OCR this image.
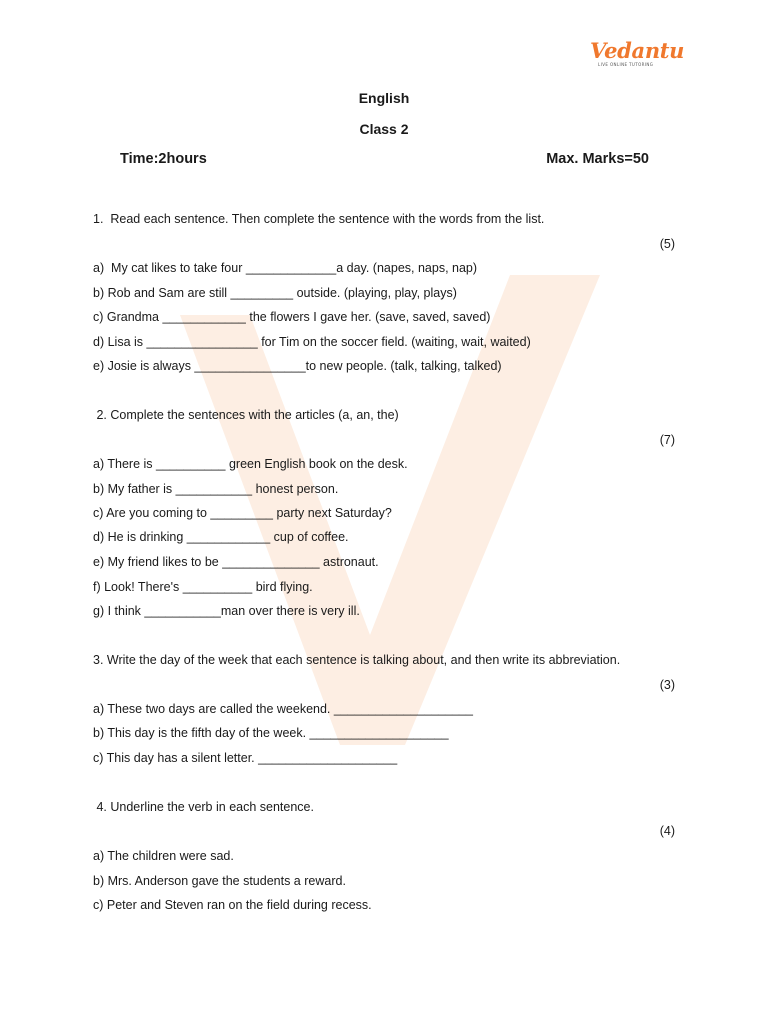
Vedantu
LIVE ONLINE TUTORING
English
Class 2
Time:2hours	Max. Marks=50
1.  Read each sentence. Then complete the sentence with the words from the list.
(5)
a)  My cat likes to take four _____________a day. (napes, naps, nap)
b) Rob and Sam are still _________ outside. (playing, play, plays)
c) Grandma ____________ the flowers I gave her. (save, saved, saved)
d) Lisa is ________________ for Tim on the soccer field. (waiting, wait, waited)
e) Josie is always ________________to new people. (talk, talking, talked)
2. Complete the sentences with the articles (a, an, the)
(7)
a) There is __________ green English book on the desk.
b) My father is ___________ honest person.
c) Are you coming to _________ party next Saturday?
d) He is drinking ____________ cup of coffee.
e) My friend likes to be ______________ astronaut.
f) Look! There's __________ bird flying.
g) I think ___________man over there is very ill.
3. Write the day of the week that each sentence is talking about, and then write its abbreviation.
(3)
a) These two days are called the weekend. ____________________
b) This day is the fifth day of the week. ____________________
c) This day has a silent letter. ____________________
4. Underline the verb in each sentence.
(4)
a) The children were sad.
b) Mrs. Anderson gave the students a reward.
c) Peter and Steven ran on the field during recess.
